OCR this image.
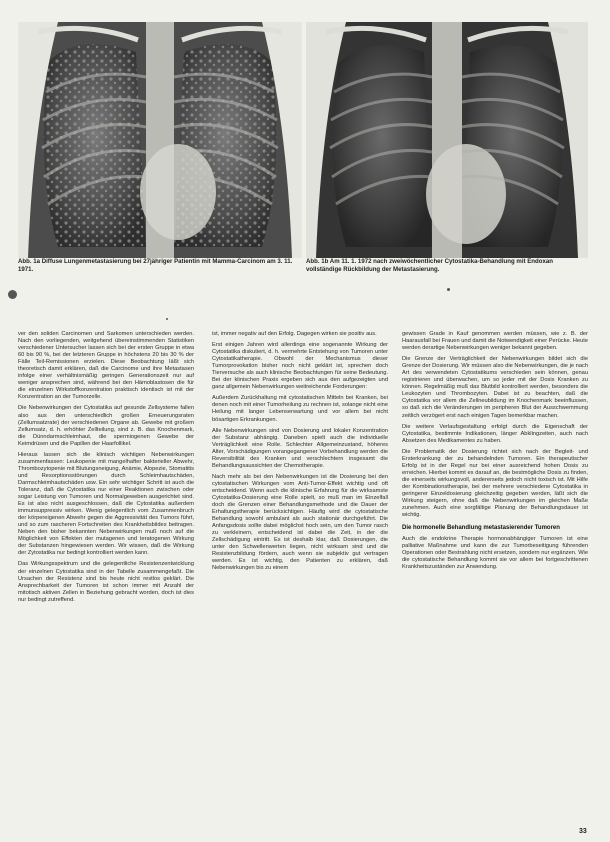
Abb. 1a Diffuse Lungenmetastasierung bei 27jähriger Patientin mit Mamma-Carcinom am 3. 11. 1971.
Abb. 1b Am 11. 1. 1972 nach zweiwöchentlicher Cytostatika-Behandlung mit Endoxan vollständige Rückbildung der Metastasierung.

ver den soliden Carcinomen und Sarkomen unterschieden werden. Nach den vorliegenden, weitgehend übereinstimmenden Statistiken verschiedener Untersucher lassen sich bei der ersten Gruppe in etwa 60 bis 90 %, bei der letzteren Gruppe in höchstens 20 bis 30 % der Fälle Teil-Remissionen erzielen. Diese Beobachtung läßt sich theoretisch damit erklären, daß die Carcinome und ihre Metastasen infolge einer verhältnismäßig geringen Generationszeit nur auf weniger ansprechen sind, während bei den Hämoblastosen die für die einzelnen Wirkstoffkonzentration praktisch identisch ist mit der Konzentration an der Tumorzelle.

Die Nebenwirkungen der Cytostatika auf gesunde Zellsysteme fallen also aus den unterschiedlich großen Erneuerungsraten (Zellumsatzrate) der verschiedenen Organe ab. Gewebe mit großem Zellumsatz, d. h. erhöhter Zellteilung, sind z. B. das Knochenmark, die Dünndarmschleimhaut, die spermiogenen Gewebe der Keimdrüsen und die Papillen der Haarfollikel.

Hieraus lassen sich die klinisch wichtigen Nebenwirkungen zusammenfassen: Leukopenie mit mangelhafter bakterieller Abwehr, Thrombozytopenie mit Blutungsneigung, Anämie, Alopezie, Stomatitis und Resorptionsstörungen durch Schleimhautschäden, Darmschleimhautschäden usw. Ein sehr wichtiger Schritt ist auch die Toleranz, daß die Cytostatika nur einer Reaktionen zwischen oder sogar Leistung von Tumoren und Normalgeweben ausgerichtet sind. Es ist also nicht ausgeschlossen, daß die Cytostatika außerdem immunsuppressiv wirken. Wenig gelegentlich vom Zusammenbruch der körpereigenen Abwehr gegen die Aggressivität des Tumors führt, und so zum rascheren Fortschreiten des Krankheitsbildes beitragen. Neben den bisher bekannten Nebenwirkungen muß noch auf die Möglichkeit von Effekten der mutagenen und teratogenen Wirkung der Substanzen hingewiesen werden. Wir wissen, daß die Wirkung der Zytostatika nur bedingt kontrolliert werden kann.

Das Wirkungsspektrum und die gelegentliche Resistenzentwicklung der einzelnen Cytostatika sind in der Tabelle zusammengefaßt. Die Ursachen der Resistenz sind bis heute nicht restlos geklärt. Die Ansprechbarkeit der Tumoren ist schon immer mit Anzahl der mitotisch aktiven Zellen in Beziehung gebracht worden, doch ist dies nur bedingt zutreffend.

ist, immer negativ auf den Erfolg. Dagegen wirken sie positiv aus.

Erst einigen Jahren wird allerdings eine sogenannte Wirkung der Cytostatika diskutiert, d. h. vermehrte Entstehung von Tumoren unter Cytostatikatherapie. Obwohl der Mechanismus dieser Tumorprovokation bisher noch nicht geklärt ist, sprechen doch Tierversuche als auch klinische Beobachtungen für seine Bedeutung. Bei der klinischen Praxis ergeben sich aus den aufgezeigten und ganz allgemein Nebenwirkungen weitreichende Forderungen:

Außerdem Zurückhaltung mit cytostatischen Mitteln bei Kranken, bei denen noch mit einer Tumorheilung zu rechnen ist, solange nicht eine Heilung mit langer Lebenserwartung und vor allem bei nicht bösartigen Erkrankungen.

Alle Nebenwirkungen sind von Dosierung und lokaler Konzentration der Substanz abhängig. Daneben spielt auch die individuelle Verträglichkeit eine Rolle. Schlechter Allgemeinzustand, höheres Alter, Vorschädigungen vorangegangener Vorbehandlung werden die Reversibilität des Kranken und verschlechtern insgesamt die Behandlungsaussichten der Chemotherapie.

Nach mehr als bei den Nebenwirkungen ist die Dosierung bei den cytostatischen Wirkungen vom Anti-Tumor-Effekt wichtig und oft entscheidend. Wenn auch die klinische Erfahrung für die wirksamste Cytostatika-Dosierung eine Rolle spielt, so muß man im Einzelfall doch die Grenzen einer Behandlungsmethode und die Dauer der Erhaltungstherapie berücksichtigen. Häufig wird die cytostatische Behandlung sowohl ambulant als auch stationär durchgeführt. Die Anfangsdosis sollte dabei möglichst hoch sein, um den Tumor rasch zu verkleinern, entscheidend ist dabei die Zeit, in der die Zellschädigung eintritt. Es ist deshalb klar, daß Dosierungen, die unter den Schwellenwerten liegen, nicht wirksam sind und die Resistenzbildung fördern, auch wenn sie subjektiv gut vertragen werden. Es ist wichtig, den Patienten zu erklären, daß Nebenwirkungen bis zu einem

gewissen Grade in Kauf genommen werden müssen, wie z. B. der Haarausfall bei Frauen und damit die Notwendigkeit einer Perücke. Heute werden derartige Nebenwirkungen weniger bekannt gegeben.

Die Grenze der Verträglichkeit der Nebenwirkungen bildet sich die Grenze der Dosierung. Wir müssen also die Nebenwirkungen, die je nach Art des verwendeten Cytostatikums verschieden sein können, genau registrieren und überwachen, um so jeder mit der Dosis Kranken zu können. Regelmäßig muß das Blutbild kontrolliert werden, besonders die Leukozyten und Thrombozyten. Dabei ist zu beachten, daß die Cytostatika vor allem die Zellneubildung im Knochenmark beeinflussen, so daß sich die Veränderungen im peripheren Blut der Ausschwemmung zeitlich verzögert erst nach einigen Tagen bemerkbar machen.

Die weitere Verlaufsgestaltung erfolgt durch die Eigenschaft der Cytostatika, bestimmte Indikationen, länger Abklingzeiten, auch nach Absetzen des Medikamentes zu haben.

Die Problematik der Dosierung richtet sich nach der Begleit- und Ersterkrankung der zu behandelnden Tumoren. Ein therapeutischer Erfolg ist in der Regel nur bei einer ausreichend hohen Dosis zu erreichen. Hierbei kommt es darauf an, die bestmögliche Dosis zu finden, die einerseits wirkungsvoll, andererseits jedoch nicht toxisch ist. Mit Hilfe der Kombinationstherapie, bei der mehrere verschiedene Cytostatika in geringerer Einzeldosierung gleichzeitig gegeben werden, läßt sich die Wirkung steigern, ohne daß die Nebenwirkungen im gleichen Maße zunehmen. Auch eine sorgfältige Planung der Behandlungsdauer ist wichtig.

Die hormonelle Behandlung metastasierender Tumoren

Auch die endokrine Therapie hormonabhängiger Tumoren ist eine palliative Maßnahme und kann die zur Tumorbeseitigung führenden Operationen oder Bestrahlung nicht ersetzen, sondern nur ergänzen. Wie die cytostatische Behandlung kommt sie vor allem bei fortgeschrittenen Krankheitszuständen zur Anwendung.

33
